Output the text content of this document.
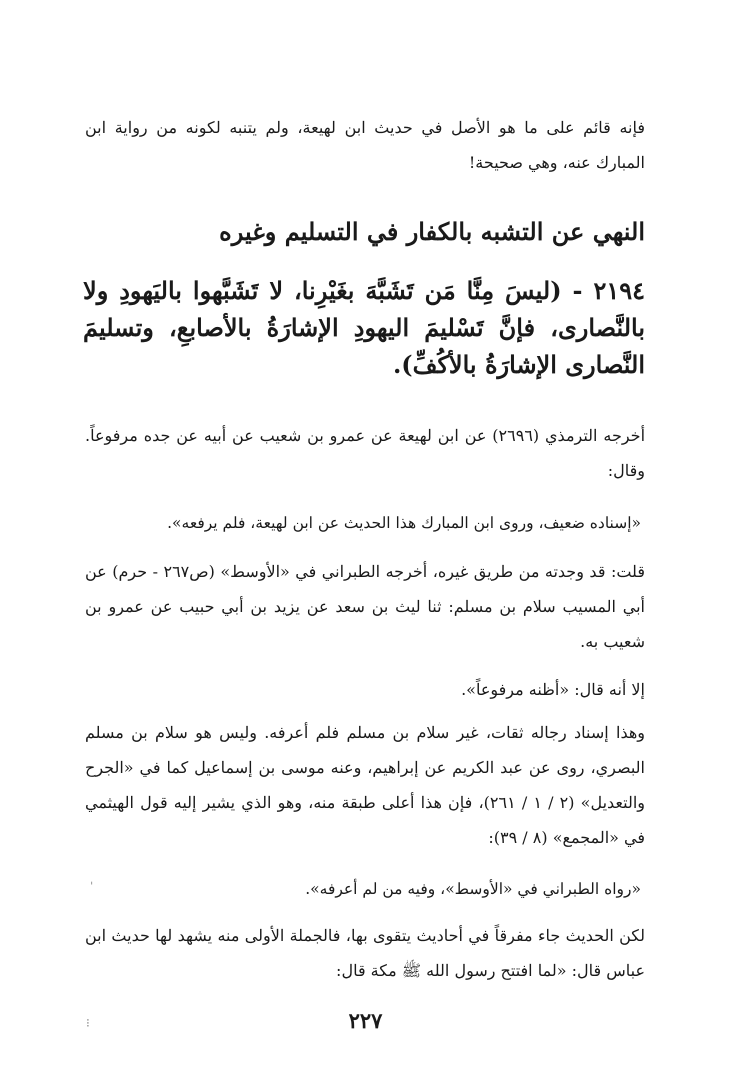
فإنه قائم على ما هو الأصل في حديث ابن لهيعة، ولم يتنبه لكونه من رواية ابن المبارك عنه، وهي صحيحة!
النهي عن التشبه بالكفار في التسليم وغيره
٢١٩٤ - (ليسَ مِنَّا مَن تَشَبَّهَ بغَيْرِنا، لا تَشَبَّهوا باليَهودِ ولا بالنَّصارى، فإنَّ تَسْليمَ اليهودِ الإشارَةُ بالأصابعِ، وتسليمَ النَّصارى الإشارَةُ بالأكُفِّ).
أخرجه الترمذي (٢٦٩٦) عن ابن لهيعة عن عمرو بن شعيب عن أبيه عن جده مرفوعاً. وقال:
«إسناده ضعيف، وروى ابن المبارك هذا الحديث عن ابن لهيعة، فلم يرفعه».
قلت: قد وجدته من طريق غيره، أخرجه الطبراني في «الأوسط» (ص٢٦٧ - حرم) عن أبي المسيب سلام بن مسلم: ثنا ليث بن سعد عن يزيد بن أبي حبيب عن عمرو بن شعيب به.
إلا أنه قال: «أظنه مرفوعاً».
وهذا إسناد رجاله ثقات، غير سلام بن مسلم فلم أعرفه. وليس هو سلام بن مسلم البصري، روى عن عبد الكريم عن إبراهيم، وعنه موسى بن إسماعيل كما في «الجرح والتعديل» (٢ / ١ / ٢٦١)، فإن هذا أعلى طبقة منه، وهو الذي يشير إليه قول الهيثمي في «المجمع» (٨ / ٣٩):
«رواه الطبراني في «الأوسط»، وفيه من لم أعرفه».
لكن الحديث جاء مفرقاً في أحاديث يتقوى بها، فالجملة الأولى منه يشهد لها حديث ابن عباس قال: «لما افتتح رسول الله ﷺ مكة قال:
ˈ
⁝	٢٢٧
